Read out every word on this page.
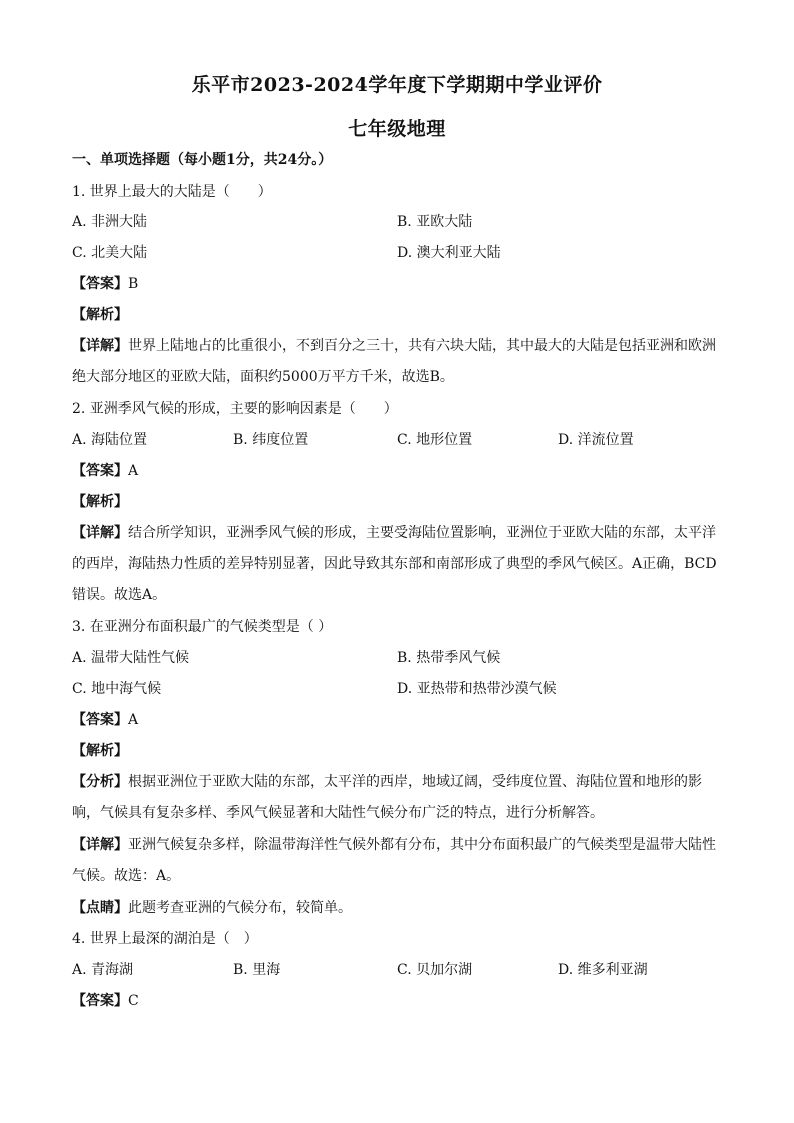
乐平市2023-2024学年度下学期期中学业评价
七年级地理
一、单项选择题（每小题1分，共24分。）
1. 世界上最大的大陆是（　　）
A. 非洲大陆	B. 亚欧大陆
C. 北美大陆	D. 澳大利亚大陆
【答案】B
【解析】
【详解】世界上陆地占的比重很小，不到百分之三十，共有六块大陆，其中最大的大陆是包括亚洲和欧洲绝大部分地区的亚欧大陆，面积约5000万平方千米，故选B。
2. 亚洲季风气候的形成，主要的影响因素是（　　）
A. 海陆位置	B. 纬度位置	C. 地形位置	D. 洋流位置
【答案】A
【解析】
【详解】结合所学知识，亚洲季风气候的形成，主要受海陆位置影响，亚洲位于亚欧大陆的东部，太平洋的西岸，海陆热力性质的差异特别显著，因此导致其东部和南部形成了典型的季风气候区。A正确，BCD错误。故选A。
3. 在亚洲分布面积最广的气候类型是（ ）
A. 温带大陆性气候	B. 热带季风气候
C. 地中海气候	D. 亚热带和热带沙漠气候
【答案】A
【解析】
【分析】根据亚洲位于亚欧大陆的东部，太平洋的西岸，地域辽阔，受纬度位置、海陆位置和地形的影响，气候具有复杂多样、季风气候显著和大陆性气候分布广泛的特点，进行分析解答。
【详解】亚洲气候复杂多样，除温带海洋性气候外都有分布，其中分布面积最广的气候类型是温带大陆性气候。故选：A。
【点睛】此题考查亚洲的气候分布，较简单。
4. 世界上最深的湖泊是（　）
A. 青海湖	B. 里海	C. 贝加尔湖	D. 维多利亚湖
【答案】C
